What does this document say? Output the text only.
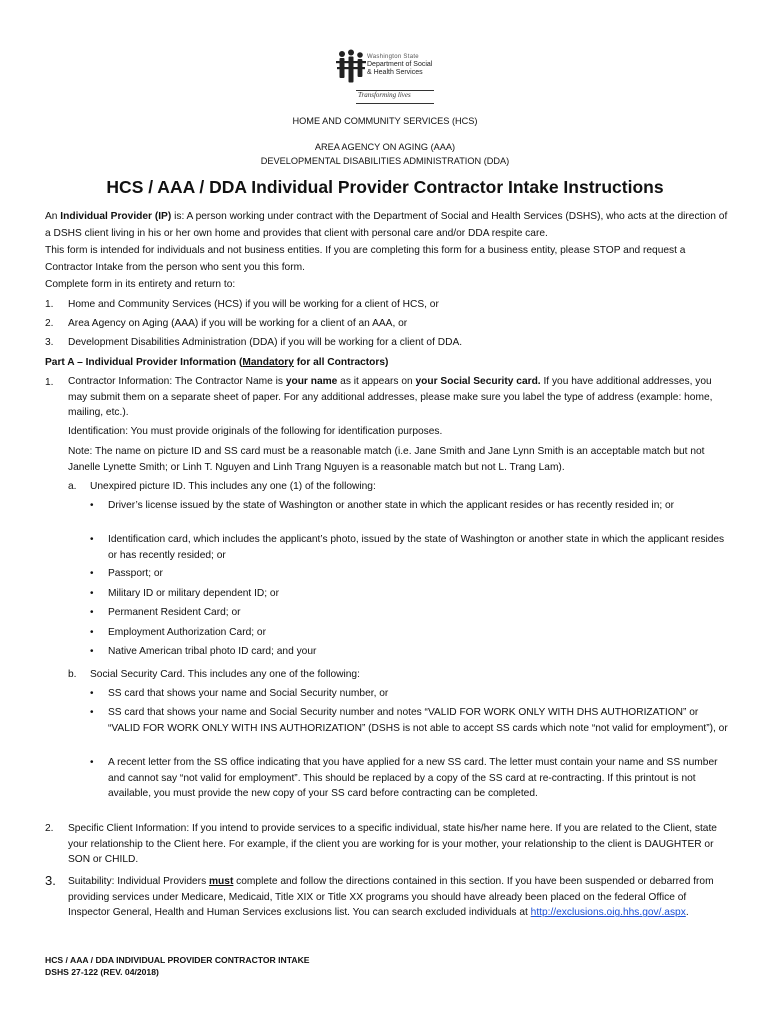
Washington State
Department of Social
& Health Services
Transforming lives
HOME AND COMMUNITY SERVICES (HCS)
AREA AGENCY ON AGING (AAA)
DEVELOPMENTAL DISABILITIES ADMINISTRATION (DDA)
HCS / AAA / DDA Individual Provider Contractor Intake Instructions
An Individual Provider (IP) is: A person working under contract with the Department of Social and Health Services (DSHS), who acts at the direction of a DSHS client living in his or her own home and provides that client with personal care and/or DDA respite care.
This form is intended for individuals and not business entities. If you are completing this form for a business entity, please STOP and request a Contractor Intake from the person who sent you this form.
Complete form in its entirety and return to:
1. Home and Community Services (HCS) if you will be working for a client of HCS, or
2. Area Agency on Aging (AAA) if you will be working for a client of an AAA, or
3. Development Disabilities Administration (DDA) if you will be working for a client of DDA.
Part A – Individual Provider Information (Mandatory for all Contractors)
1. Contractor Information: The Contractor Name is your name as it appears on your Social Security card. If you have additional addresses, you may submit them on a separate sheet of paper. For any additional addresses, please make sure you label the type of address (example: home, mailing, etc.).
Identification: You must provide originals of the following for identification purposes.
Note: The name on picture ID and SS card must be a reasonable match (i.e. Jane Smith and Jane Lynn Smith is an acceptable match but not Janelle Lynette Smith; or Linh T. Nguyen and Linh Trang Nguyen is a reasonable match but not L. Trang Lam).
a. Unexpired picture ID. This includes any one (1) of the following:
• Driver’s license issued by the state of Washington or another state in which the applicant resides or has recently resided in; or
• Identification card, which includes the applicant’s photo, issued by the state of Washington or another state in which the applicant resides or has recently resided; or
• Passport; or
• Military ID or military dependent ID; or
• Permanent Resident Card; or
• Employment Authorization Card; or
• Native American tribal photo ID card; and your
b. Social Security Card. This includes any one of the following:
• SS card that shows your name and Social Security number, or
• SS card that shows your name and Social Security number and notes “VALID FOR WORK ONLY WITH DHS AUTHORIZATION” or “VALID FOR WORK ONLY WITH INS AUTHORIZATION” (DSHS is not able to accept SS cards which note “not valid for employment”), or
• A recent letter from the SS office indicating that you have applied for a new SS card. The letter must contain your name and SS number and cannot say “not valid for employment”. This should be replaced by a copy of the SS card at re-contracting. If this printout is not available, you must provide the new copy of your SS card before contracting can be completed.
2. Specific Client Information: If you intend to provide services to a specific individual, state his/her name here. If you are related to the Client, state your relationship to the Client here. For example, if the client you are working for is your mother, your relationship to the client is DAUGHTER or SON or CHILD.
3. Suitability: Individual Providers must complete and follow the directions contained in this section. If you have been suspended or debarred from providing services under Medicare, Medicaid, Title XIX or Title XX programs you should have already been placed on the federal Office of Inspector General, Health and Human Services exclusions list. You can search excluded individuals at http://exclusions.oig.hhs.gov/.aspx.
HCS / AAA / DDA INDIVIDUAL PROVIDER CONTRACTOR INTAKE
DSHS 27-122 (REV. 04/2018)
